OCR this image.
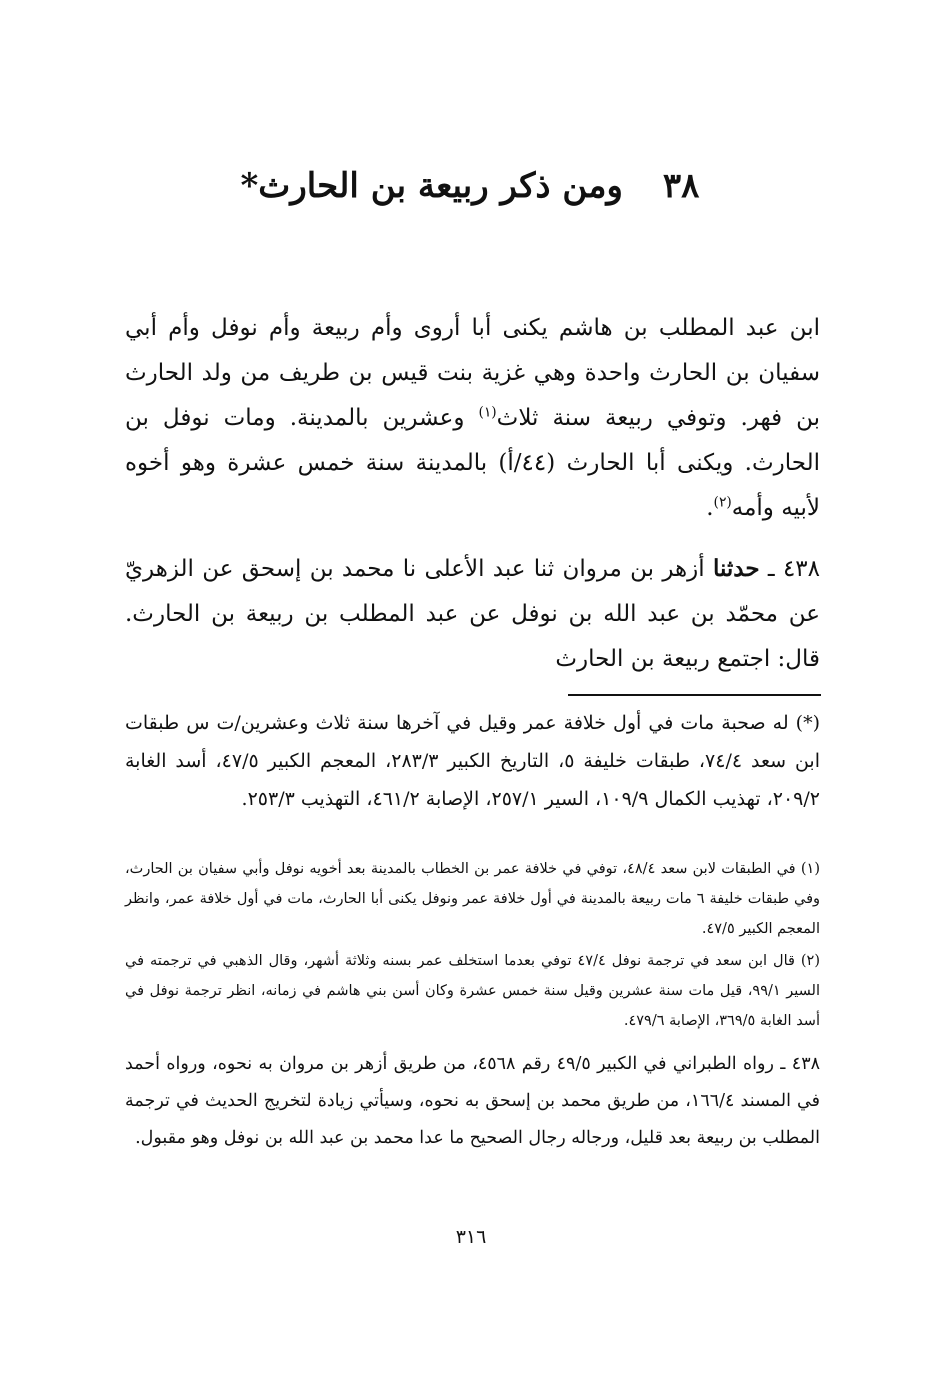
٣٨ومن ذكر ربيعة بن الحارث*

ابن عبد المطلب بن هاشم يكنى أبا أروى وأم ربيعة وأم نوفل وأم أبي سفيان بن الحارث واحدة وهي غزية بنت قيس بن طريف من ولد الحارث بن فهر. وتوفي ربيعة سنة ثلاث$^{(١)}$ وعشرين بالمدينة. ومات نوفل بن الحارث. ويكنى أبا الحارث (٤٤/أ) بالمدينة سنة خمس عشرة وهو أخوه لأبيه وأمه$^{(٢)}$.

٤٣٨ ـ حدثنا أزهر بن مروان ثنا عبد الأعلى نا محمد بن إسحق عن الزهريّ عن محمّد بن عبد الله بن نوفل عن عبد المطلب بن ربيعة بن الحارث. قال: اجتمع ربيعة بن الحارث

(*) له صحبة مات في أول خلافة عمر وقيل في آخرها سنة ثلاث وعشرين/ت س طبقات ابن سعد ٧٤/٤، طبقات خليفة ٥، التاريخ الكبير ٢٨٣/٣، المعجم الكبير ٤٧/٥، أسد الغابة ٢٠٩/٢، تهذيب الكمال ١٠٩/٩، السير ٢٥٧/١، الإصابة ٤٦١/٢، التهذيب ٢٥٣/٣.

(١) في الطبقات لابن سعد ٤٨/٤، توفي في خلافة عمر بن الخطاب بالمدينة بعد أخويه نوفل وأبي سفيان بن الحارث، وفي طبقات خليفة ٦ مات ربيعة بالمدينة في أول خلافة عمر ونوفل يكنى أبا الحارث، مات في أول خلافة عمر، وانظر المعجم الكبير ٤٧/٥.

(٢) قال ابن سعد في ترجمة نوفل ٤٧/٤ توفي بعدما استخلف عمر بسنه وثلاثة أشهر، وقال الذهبي في ترجمته في السير ٩٩/١، قيل مات سنة عشرين وقيل سنة خمس عشرة وكان أسن بني هاشم في زمانه، انظر ترجمة نوفل في أسد الغابة ٣٦٩/٥، الإصابة ٤٧٩/٦.

٤٣٨ ـ رواه الطبراني في الكبير ٤٩/٥ رقم ٤٥٦٨، من طريق أزهر بن مروان به نحوه، ورواه أحمد في المسند ١٦٦/٤، من طريق محمد بن إسحق به نحوه، وسيأتي زيادة لتخريج الحديث في ترجمة المطلب بن ربيعة بعد قليل، ورجاله رجال الصحيح ما عدا محمد بن عبد الله بن نوفل وهو مقبول.

٣١٦
